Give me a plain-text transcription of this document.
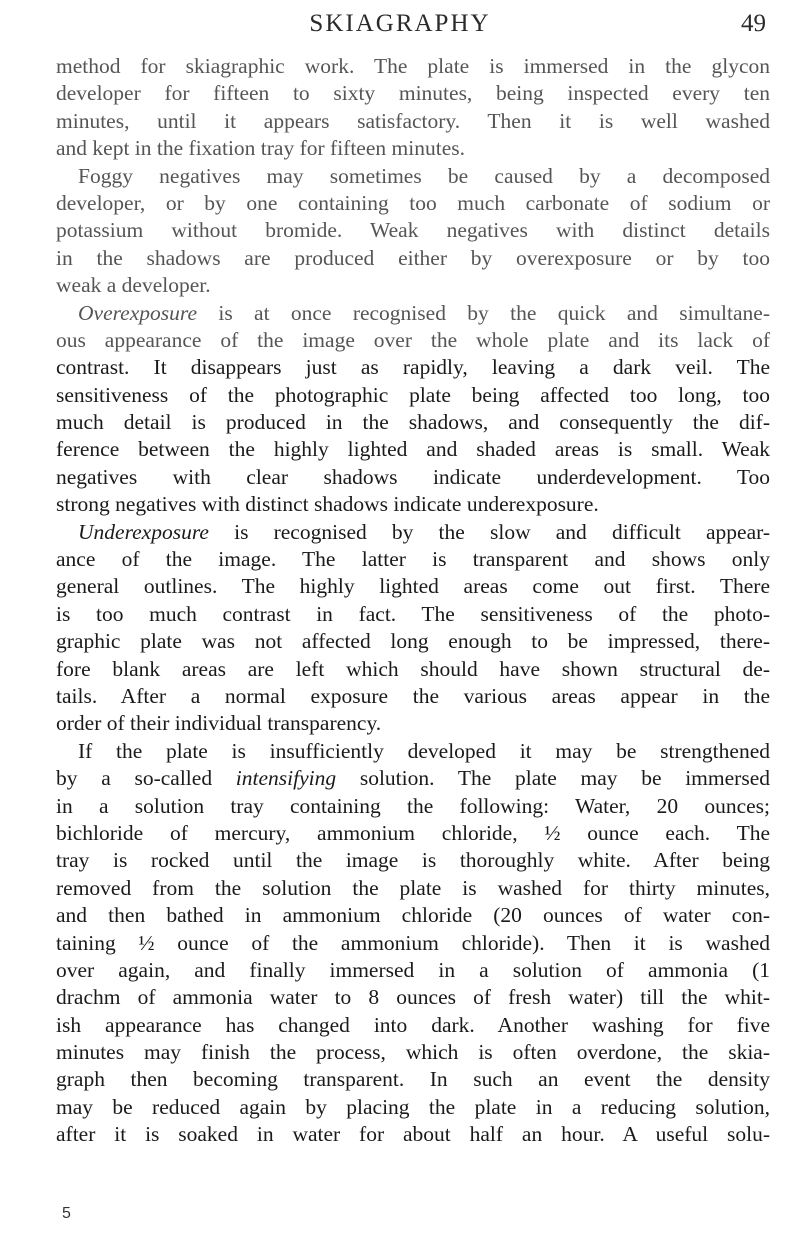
SKIAGRAPHY	49
method for skiagraphic work. The plate is immersed in the glycon
developer for fifteen to sixty minutes, being inspected every ten
minutes, until it appears satisfactory. Then it is well washed
and kept in the fixation tray for fifteen minutes.
Foggy negatives may sometimes be caused by a decomposed
developer, or by one containing too much carbonate of sodium or
potassium without bromide. Weak negatives with distinct details
in the shadows are produced either by overexposure or by too
weak a developer.
Overexposure is at once recognised by the quick and simultane-
ous appearance of the image over the whole plate and its lack of
contrast. It disappears just as rapidly, leaving a dark veil. The
sensitiveness of the photographic plate being affected too long, too
much detail is produced in the shadows, and consequently the dif-
ference between the highly lighted and shaded areas is small. Weak
negatives with clear shadows indicate underdevelopment. Too
strong negatives with distinct shadows indicate underexposure.
Underexposure is recognised by the slow and difficult appear-
ance of the image. The latter is transparent and shows only
general outlines. The highly lighted areas come out first. There
is too much contrast in fact. The sensitiveness of the photo-
graphic plate was not affected long enough to be impressed, there-
fore blank areas are left which should have shown structural de-
tails. After a normal exposure the various areas appear in the
order of their individual transparency.
If the plate is insufficiently developed it may be strengthened
by a so-called intensifying solution. The plate may be immersed
in a solution tray containing the following: Water, 20 ounces;
bichloride of mercury, ammonium chloride, ½ ounce each. The
tray is rocked until the image is thoroughly white. After being
removed from the solution the plate is washed for thirty minutes,
and then bathed in ammonium chloride (20 ounces of water con-
taining ½ ounce of the ammonium chloride). Then it is washed
over again, and finally immersed in a solution of ammonia (1
drachm of ammonia water to 8 ounces of fresh water) till the whit-
ish appearance has changed into dark. Another washing for five
minutes may finish the process, which is often overdone, the skia-
graph then becoming transparent. In such an event the density
may be reduced again by placing the plate in a reducing solution,
after it is soaked in water for about half an hour. A useful solu-
5
